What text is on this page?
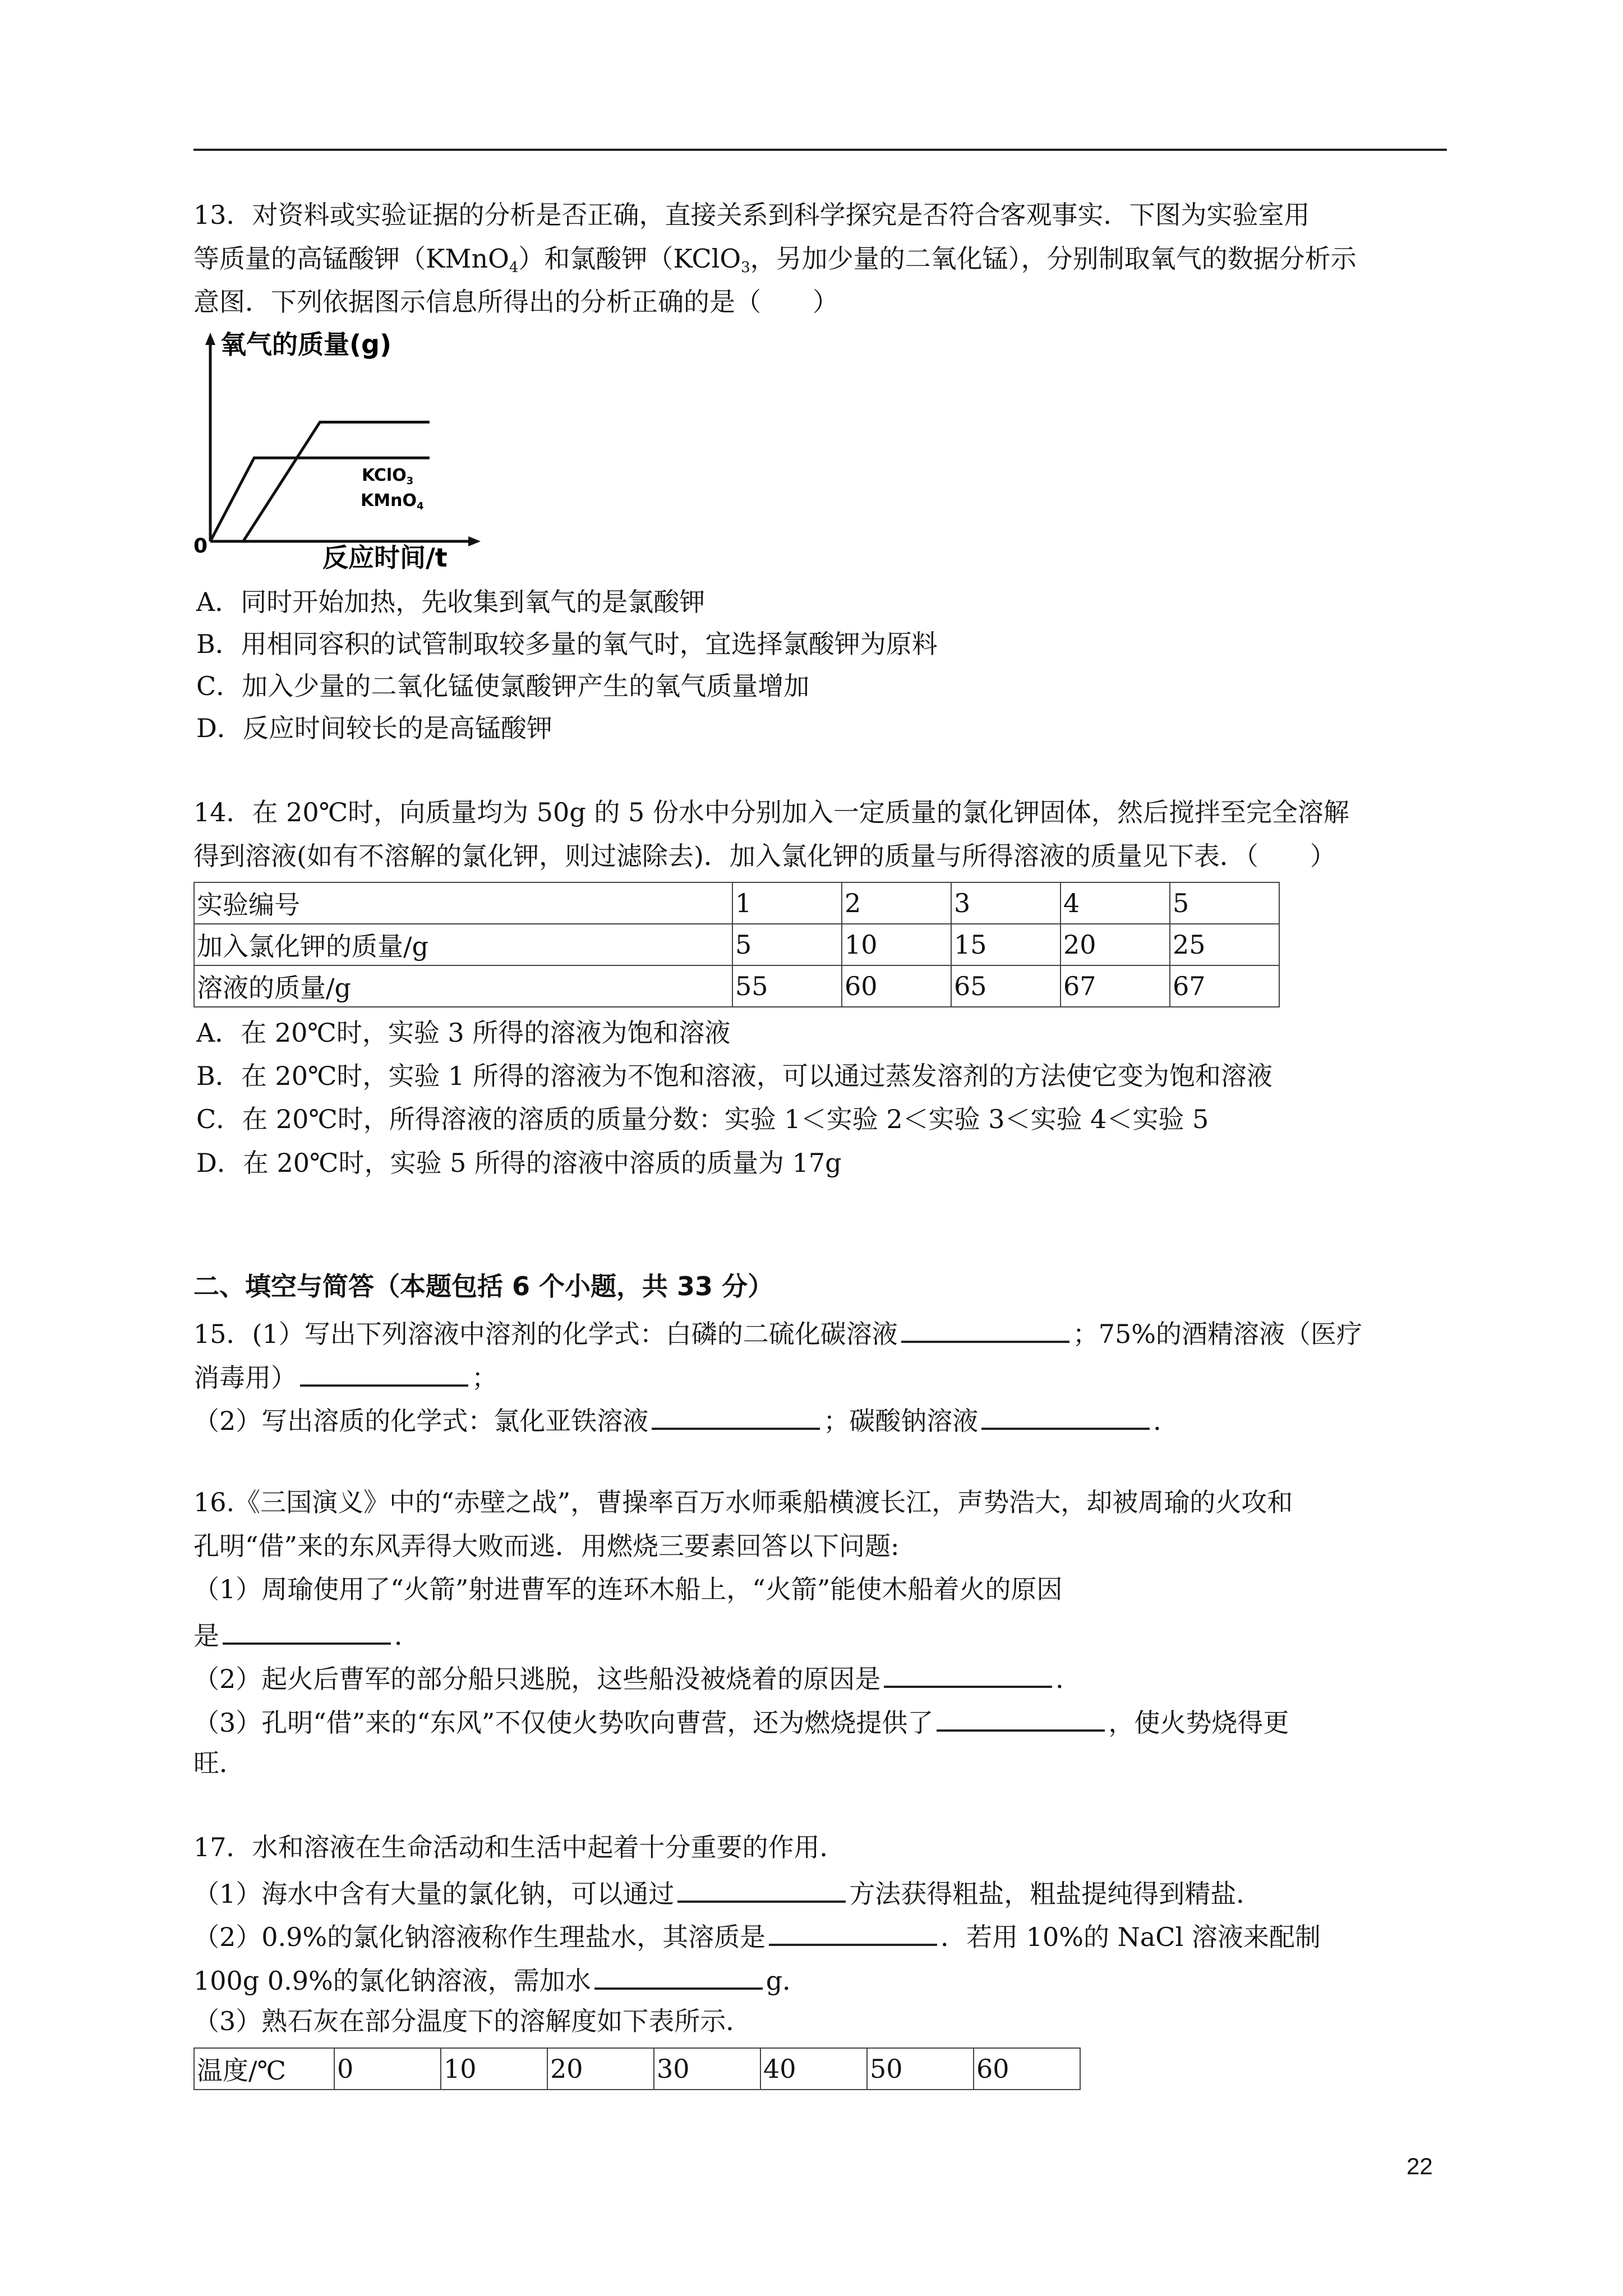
13．对资料或实验证据的分析是否正确，直接关系到科学探究是否符合客观事实．下图为实验室用
等质量的高锰酸钾（KMnO$_4$）和氯酸钾（KClO$_3$，另加少量的二氧化锰），分别制取氧气的数据分析示
意图．下列依据图示信息所得出的分析正确的是（　　）
氧气的质量(g)
反应时间/t
0
KClO$_3$
KMnO$_4$
A．同时开始加热，先收集到氧气的是氯酸钾
B．用相同容积的试管制取较多量的氧气时，宜选择氯酸钾为原料
C．加入少量的二氧化锰使氯酸钾产生的氧气质量增加
D．反应时间较长的是高锰酸钾
14．在 20℃时，向质量均为 50g 的 5 份水中分别加入一定质量的氯化钾固体，然后搅拌至完全溶解
得到溶液(如有不溶解的氯化钾，则过滤除去)．加入氯化钾的质量与所得溶液的质量见下表．（　　）
实验编号	1	2	3	4	5
加入氯化钾的质量/g	5	10	15	20	25
溶液的质量/g	55	60	65	67	67
A．在 20℃时，实验 3 所得的溶液为饱和溶液
B．在 20℃时，实验 1 所得的溶液为不饱和溶液，可以通过蒸发溶剂的方法使它变为饱和溶液
C．在 20℃时，所得溶液的溶质的质量分数：实验 1＜实验 2＜实验 3＜实验 4＜实验 5
D．在 20℃时，实验 5 所得的溶液中溶质的质量为 17g
二、填空与简答（本题包括 6 个小题，共 33 分）
15．(1）写出下列溶液中溶剂的化学式：白磷的二硫化碳溶液	；75%的酒精溶液（医疗
消毒用）	；
（2）写出溶质的化学式：氯化亚铁溶液	；碳酸钠溶液	．
16.《三国演义》中的“赤壁之战”，曹操率百万水师乘船横渡长江，声势浩大，却被周瑜的火攻和
孔明“借”来的东风弄得大败而逃．用燃烧三要素回答以下问题:
（1）周瑜使用了“火箭”射进曹军的连环木船上，“火箭”能使木船着火的原因
是	．
（2）起火后曹军的部分船只逃脱，这些船没被烧着的原因是	．
（3）孔明“借”来的“东风”不仅使火势吹向曹营，还为燃烧提供了	，使火势烧得更
旺．
17．水和溶液在生命活动和生活中起着十分重要的作用．
（1）海水中含有大量的氯化钠，可以通过	方法获得粗盐，粗盐提纯得到精盐．
（2）0.9%的氯化钠溶液称作生理盐水，其溶质是	．若用 10%的 NaCl 溶液来配制
100g 0.9%的氯化钠溶液，需加水	g．
（3）熟石灰在部分温度下的溶解度如下表所示．
温度/℃	0	10	20	30	40	50	60
22
